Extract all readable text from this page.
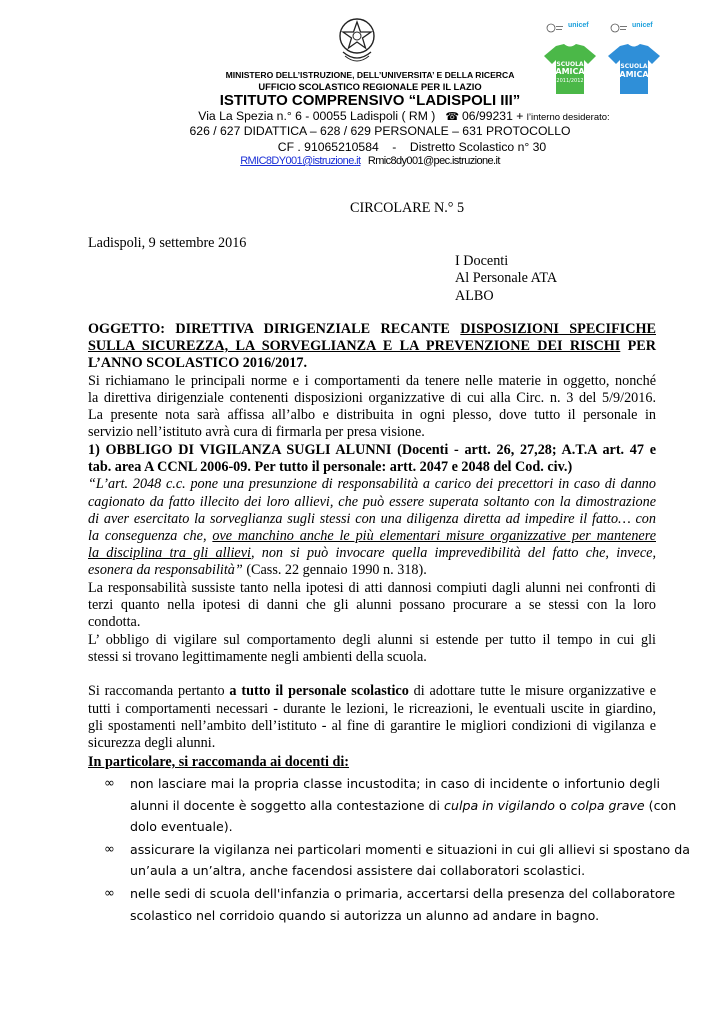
unicef
SCUOLA
AMICA
2011/2012
unicef
SCUOLA
AMICA
MINISTERO DELL’ISTRUZIONE, DELL’UNIVERSITA’ E DELLA RICERCA
UFFICIO SCOLASTICO REGIONALE PER IL LAZIO
ISTITUTO COMPRENSIVO “LADISPOLI III”
Via La Spezia n.° 6 - 00055 Ladispoli ( RM ) ☎ 06/99231 + l’interno desiderato:
626 / 627 DIDATTICA – 628 / 629 PERSONALE – 631 PROTOCOLLO
CF . 91065210584 - Distretto Scolastico n° 30
RMIC8DY001@istruzione.it Rmic8dy001@pec.istruzione.it
CIRCOLARE N.° 5
Ladispoli, 9 settembre 2016
I Docenti
Al Personale ATA
ALBO
OGGETTO: DIRETTIVA DIRIGENZIALE RECANTE DISPOSIZIONI SPECIFICHE
SULLA SICUREZZA, LA SORVEGLIANZA E LA PREVENZIONE DEI RISCHI PER
L’ANNO SCOLASTICO 2016/2017.
Si richiamano le principali norme e i comportamenti da tenere nelle materie in oggetto, nonché
la direttiva dirigenziale contenenti disposizioni organizzative di cui alla Circ. n. 3 del 5/9/2016.
La presente nota sarà affissa all’albo e distribuita in ogni plesso, dove tutto il personale in
servizio nell’istituto avrà cura di firmarla per presa visione.
1) OBBLIGO DI VIGILANZA SUGLI ALUNNI (Docenti - artt. 26, 27,28; A.T.A art. 47 e
tab. area A CCNL 2006-09. Per tutto il personale: artt. 2047 e 2048 del Cod. civ.)
“L’art. 2048 c.c. pone una presunzione di responsabilità a carico dei precettori in caso di danno
cagionato da fatto illecito dei loro allievi, che può essere superata soltanto con la dimostrazione
di aver esercitato la sorveglianza sugli stessi con una diligenza diretta ad impedire il fatto… con
la conseguenza che, ove manchino anche le più elementari misure organizzative per mantenere
la disciplina tra gli allievi, non si può invocare quella imprevedibilità del fatto che, invece,
esonera da responsabilità” (Cass. 22 gennaio 1990 n. 318).
La responsabilità sussiste tanto nella ipotesi di atti dannosi compiuti dagli alunni nei confronti di
terzi quanto nella ipotesi di danni che gli alunni possano procurare a se stessi con la loro
condotta.
L’ obbligo di vigilare sul comportamento degli alunni si estende per tutto il tempo in cui gli
stessi si trovano legittimamente negli ambienti della scuola.
Si raccomanda pertanto a tutto il personale scolastico di adottare tutte le misure organizzative e
tutti i comportamenti necessari - durante le lezioni, le ricreazioni, le eventuali uscite in giardino,
gli spostamenti nell’ambito dell’istituto - al fine di garantire le migliori condizioni di vigilanza e
sicurezza degli alunni.
In particolare, si raccomanda ai docenti di:
∞ non lasciare mai la propria classe incustodita; in caso di incidente o infortunio degli
alunni il docente è soggetto alla contestazione di culpa in vigilando o colpa grave (con
dolo eventuale).
∞ assicurare la vigilanza nei particolari momenti e situazioni in cui gli allievi si spostano da
un’aula a un’altra, anche facendosi assistere dai collaboratori scolastici.
∞ nelle sedi di scuola dell'infanzia o primaria, accertarsi della presenza del collaboratore
scolastico nel corridoio quando si autorizza un alunno ad andare in bagno.
